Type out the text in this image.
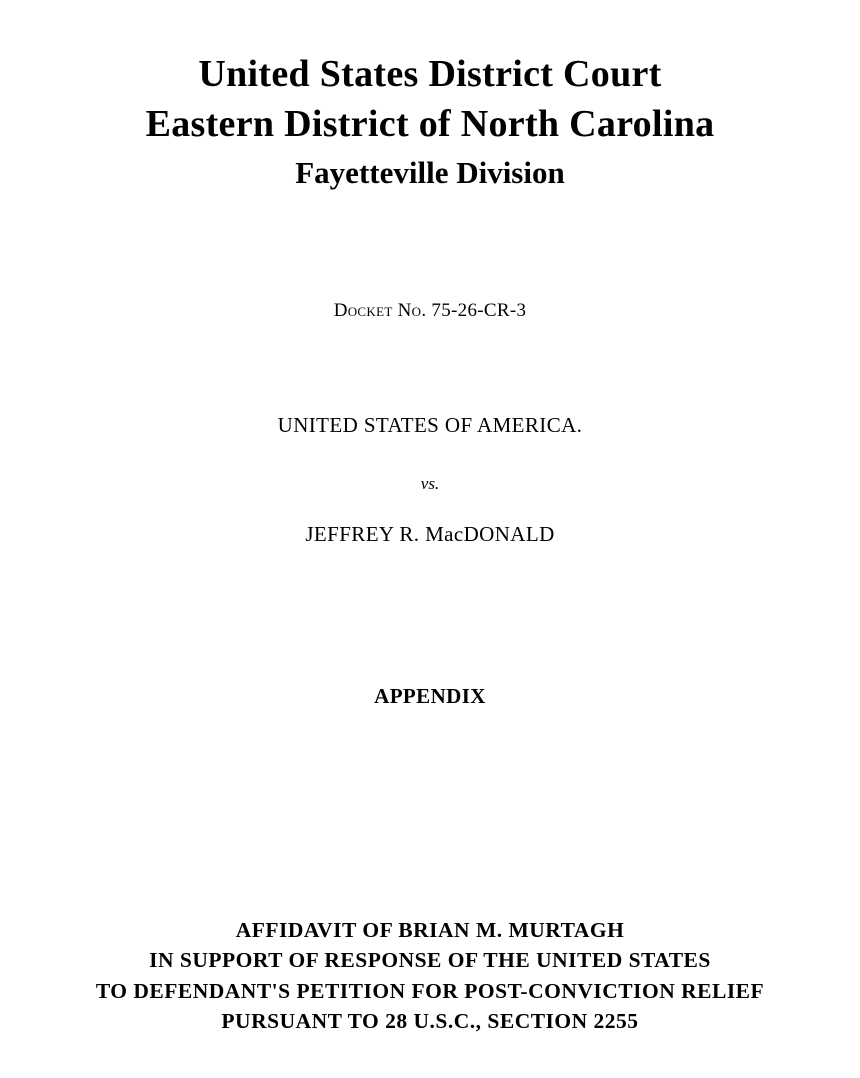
United States District Court
Eastern District of North Carolina
Fayetteville Division
Docket No. 75-26-CR-3
UNITED STATES OF AMERICA.
vs.
JEFFREY R. MacDONALD
APPENDIX
AFFIDAVIT OF BRIAN M. MURTAGH
IN SUPPORT OF RESPONSE OF THE UNITED STATES
TO DEFENDANT'S PETITION FOR POST-CONVICTION RELIEF
PURSUANT TO 28 U.S.C., SECTION 2255
